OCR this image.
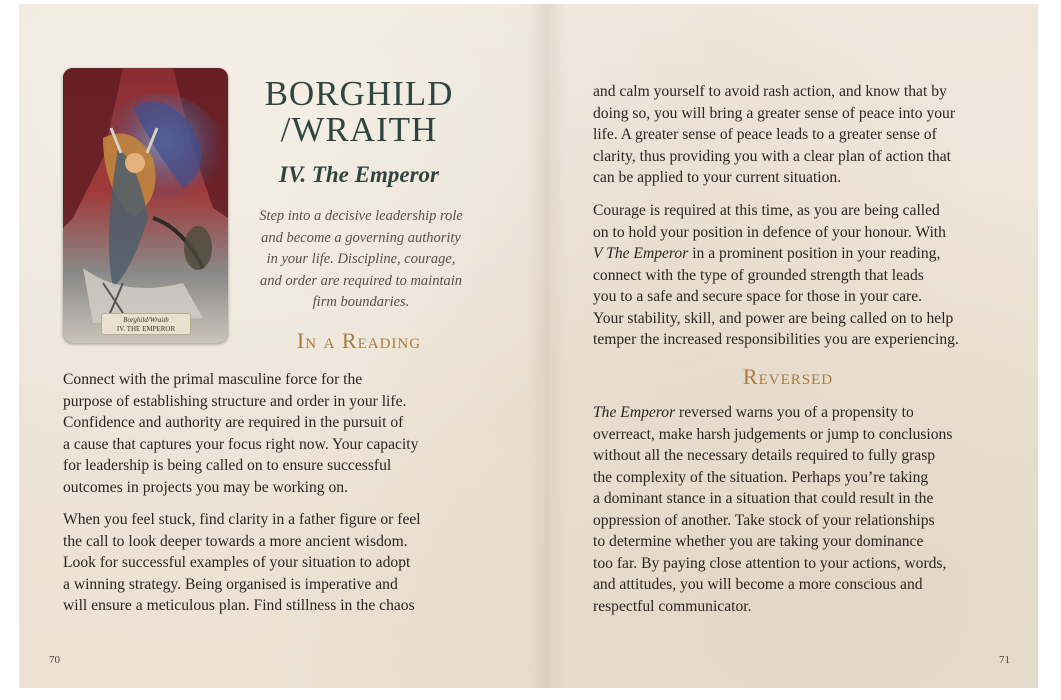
Borghild/Wraith
IV. THE EMPEROR
BORGHILD
/WRAITH
IV. The Emperor

Step into a decisive leadership role and become a governing authority in your life. Discipline, courage, and order are required to maintain firm boundaries.

In a Reading

Connect with the primal masculine force for the
purpose of establishing structure and order in your life.
Confidence and authority are required in the pursuit of
a cause that captures your focus right now. Your capacity
for leadership is being called on to ensure successful
outcomes in projects you may be working on.

When you feel stuck, find clarity in a father figure or feel
the call to look deeper towards a more ancient wisdom.
Look for successful examples of your situation to adopt
a winning strategy. Being organised is imperative and
will ensure a meticulous plan. Find stillness in the chaos

70

and calm yourself to avoid rash action, and know that by
doing so, you will bring a greater sense of peace into your
life. A greater sense of peace leads to a greater sense of
clarity, thus providing you with a clear plan of action that
can be applied to your current situation.

Courage is required at this time, as you are being called
on to hold your position in defence of your honour. With
V The Emperor in a prominent position in your reading,
connect with the type of grounded strength that leads
you to a safe and secure space for those in your care.
Your stability, skill, and power are being called on to help
temper the increased responsibilities you are experiencing.

Reversed

The Emperor reversed warns you of a propensity to
overreact, make harsh judgements or jump to conclusions
without all the necessary details required to fully grasp
the complexity of the situation. Perhaps you’re taking
a dominant stance in a situation that could result in the
oppression of another. Take stock of your relationships
to determine whether you are taking your dominance
too far. By paying close attention to your actions, words,
and attitudes, you will become a more conscious and
respectful communicator.

71
